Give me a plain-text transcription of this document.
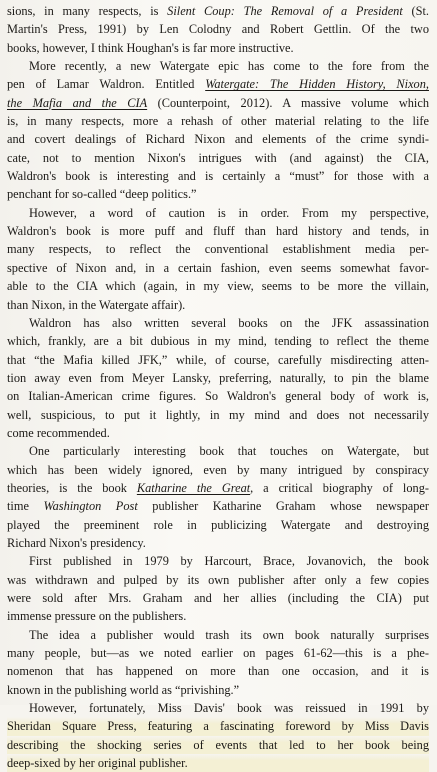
sions, in many respects, is Silent Coup: The Removal of a President (St.
Martin's Press, 1991) by Len Colodny and Robert Gettlin. Of the two
books, however, I think Houghan's is far more instructive.

More recently, a new Watergate epic has come to the fore from the
pen of Lamar Waldron. Entitled Watergate: The Hidden History, Nixon,
the Mafia and the CIA (Counterpoint, 2012). A massive volume which
is, in many respects, more a rehash of other material relating to the life
and covert dealings of Richard Nixon and elements of the crime syndi-
cate, not to mention Nixon's intrigues with (and against) the CIA,
Waldron's book is interesting and is certainly a “must” for those with a
penchant for so-called “deep politics.”

However, a word of caution is in order. From my perspective,
Waldron's book is more puff and fluff than hard history and tends, in
many respects, to reflect the conventional establishment media per-
spective of Nixon and, in a certain fashion, even seems somewhat favor-
able to the CIA which (again, in my view, seems to be more the villain,
than Nixon, in the Watergate affair).

Waldron has also written several books on the JFK assassination
which, frankly, are a bit dubious in my mind, tending to reflect the theme
that “the Mafia killed JFK,” while, of course, carefully misdirecting atten-
tion away even from Meyer Lansky, preferring, naturally, to pin the blame
on Italian-American crime figures. So Waldron's general body of work is,
well, suspicious, to put it lightly, in my mind and does not necessarily
come recommended.

One particularly interesting book that touches on Watergate, but
which has been widely ignored, even by many intrigued by conspiracy
theories, is the book Katharine the Great, a critical biography of long-
time Washington Post publisher Katharine Graham whose newspaper
played the preeminent role in publicizing Watergate and destroying
Richard Nixon's presidency.

First published in 1979 by Harcourt, Brace, Jovanovich, the book
was withdrawn and pulped by its own publisher after only a few copies
were sold after Mrs. Graham and her allies (including the CIA) put
immense pressure on the publishers.

The idea a publisher would trash its own book naturally surprises
many people, but—as we noted earlier on pages 61-62—this is a phe-
nomenon that has happened on more than one occasion, and it is
known in the publishing world as “privishing.”

However, fortunately, Miss Davis' book was reissued in 1991 by
Sheridan Square Press, featuring a fascinating foreword by Miss Davis
describing the shocking series of events that led to her book being
deep-sixed by her original publisher.
